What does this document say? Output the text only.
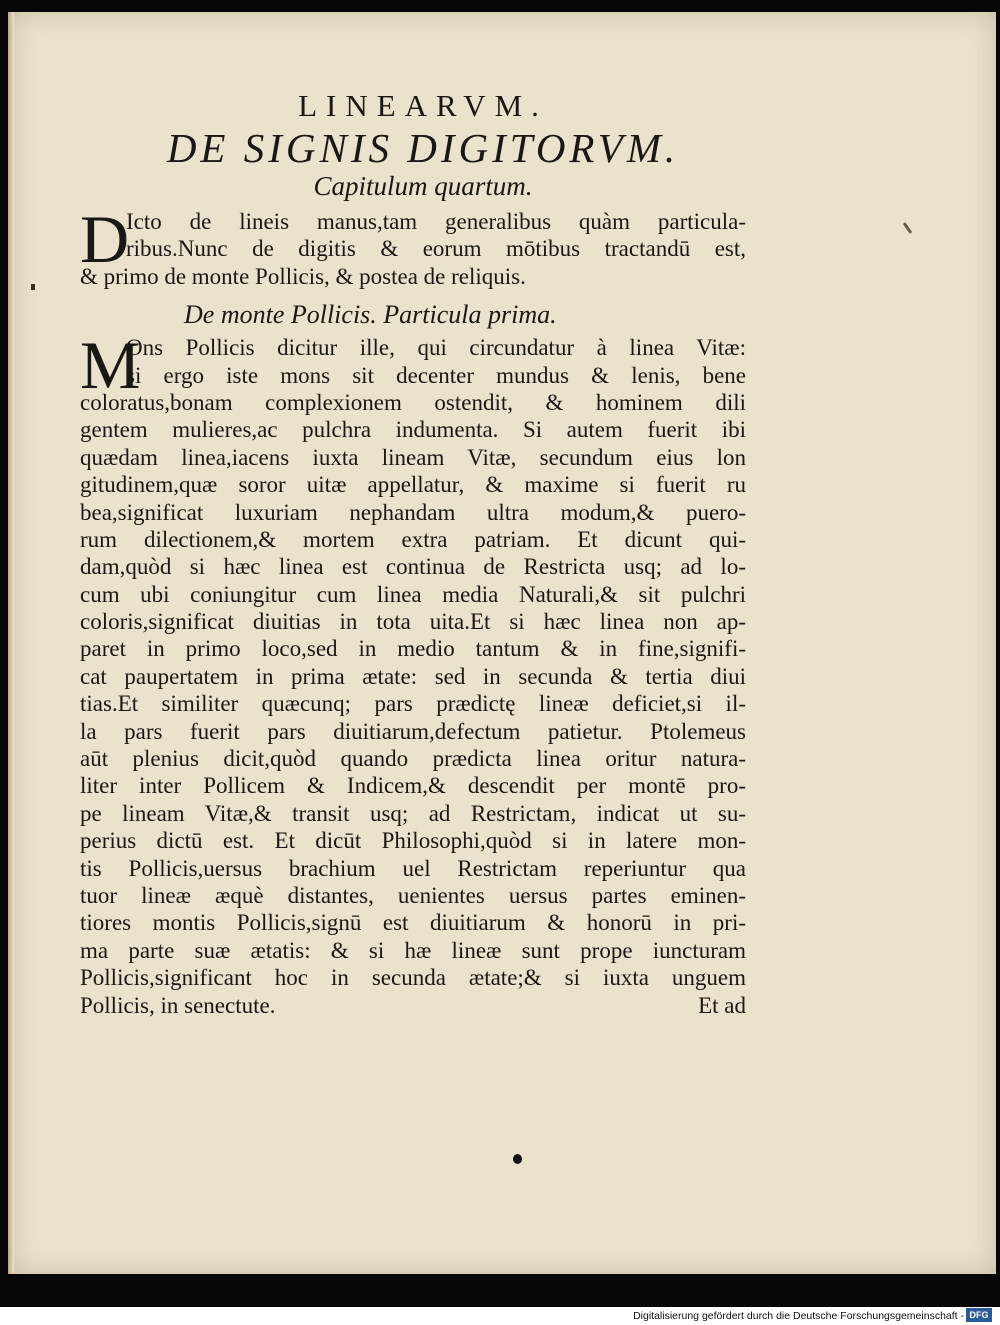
LINEARVM.

DE SIGNIS DIGITORVM.

Capitulum quartum.

D
Icto de lineis manus,tam generalibus quàm particula-
ribus.Nunc de digitis & eorum mōtibus tractandū est,
& primo de monte Pollicis, & postea de reliquis.

De monte Pollicis. Particula prima.

M
Ons Pollicis dicitur ille, qui circundatur à linea Vitæ:
si ergo iste mons sit decenter mundus & lenis, bene
coloratus,bonam complexionem ostendit, & hominem dili
gentem mulieres,ac pulchra indumenta. Si autem fuerit ibi
quædam linea,iacens iuxta lineam Vitæ, secundum eius lon
gitudinem,quæ soror uitæ appellatur, & maxime si fuerit ru
bea,significat luxuriam nephandam ultra modum,& puero-
rum dilectionem,& mortem extra patriam. Et dicunt qui-
dam,quòd si hæc linea est continua de Restricta usq; ad lo-
cum ubi coniungitur cum linea media Naturali,& sit pulchri
coloris,significat diuitias in tota uita.Et si hæc linea non ap-
paret in primo loco,sed in medio tantum & in fine,signifi-
cat paupertatem in prima ætate: sed in secunda & tertia diui
tias.Et similiter quæcunq; pars prædictę lineæ deficiet,si il-
la pars fuerit pars diuitiarum,defectum patietur. Ptolemeus
aūt plenius dicit,quòd quando prædicta linea oritur natura-
liter inter Pollicem & Indicem,& descendit per montē pro-
pe lineam Vitæ,& transit usq; ad Restrictam, indicat ut su-
perius dictū est. Et dicūt Philosophi,quòd si in latere mon-
tis Pollicis,uersus brachium uel Restrictam reperiuntur qua
tuor lineæ æquè distantes, uenientes uersus partes eminen-
tiores montis Pollicis,signū est diuitiarum & honorū in pri-
ma parte suæ ætatis: & si hæ lineæ sunt prope iuncturam
Pollicis,significant hoc in secunda ætate;& si iuxta unguem
Pollicis, in senectute.	Et ad
Digitalisierung gefördert durch die Deutsche Forschungsgemeinschaft - DFG
